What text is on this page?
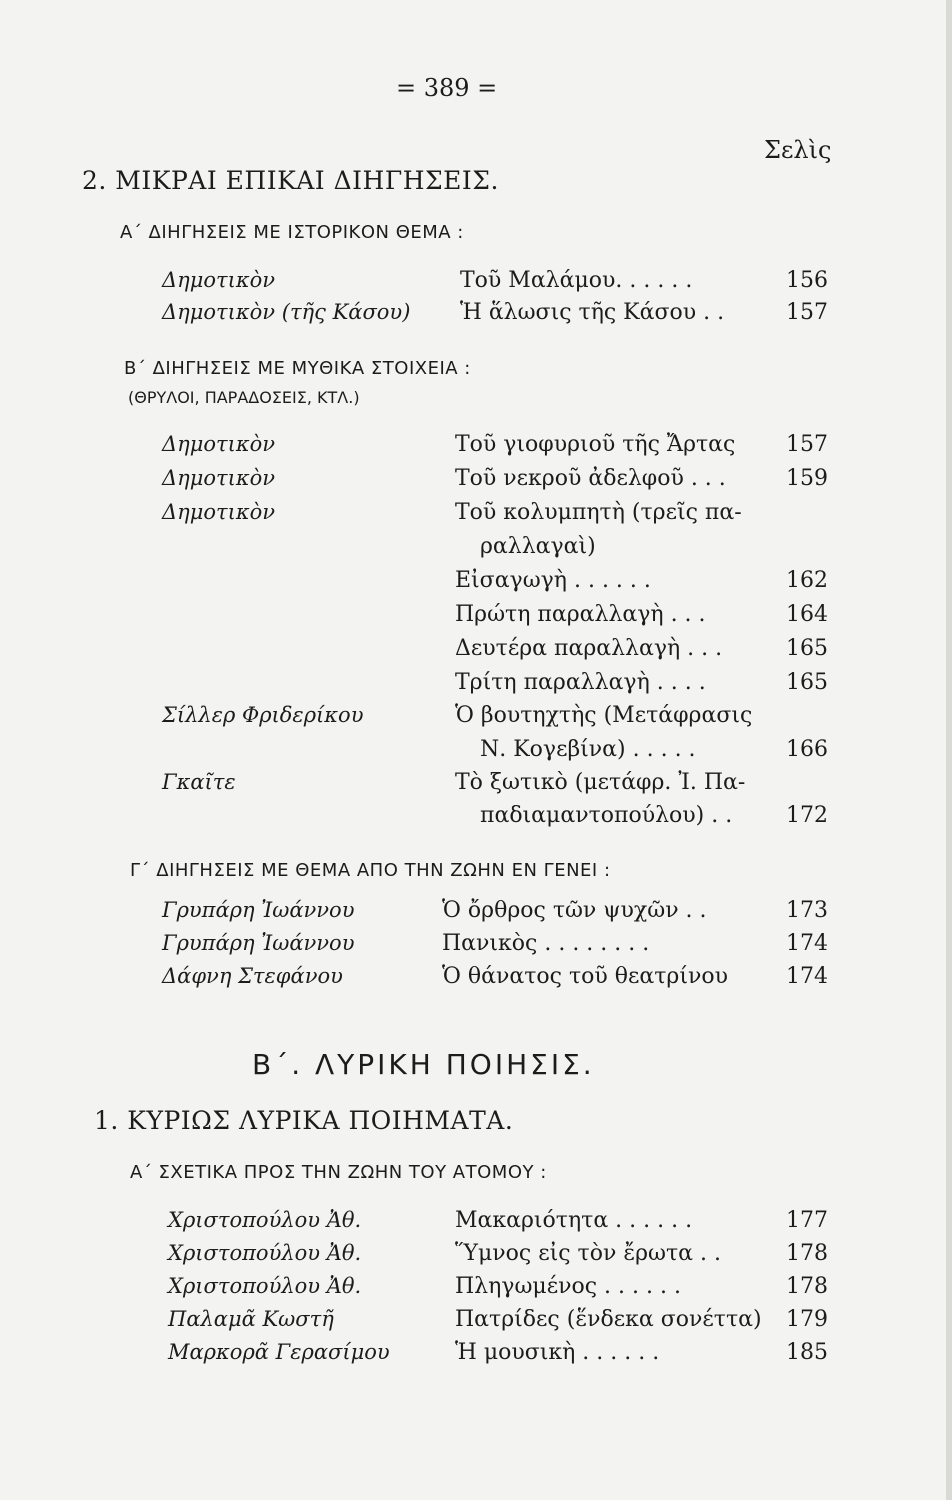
= 389 =
Σελὶς
2. ΜΙΚΡΑΙ ΕΠΙΚΑΙ ΔΙΗΓΗΣΕΙΣ.
Α΄ ΔΙΗΓΗΣΕΙΣ ΜΕ ΙΣΤΟΡΙΚΟΝ ΘΕΜΑ :
Δημοτικὸν	Τοῦ Μαλάμου. . . . . .	156
Δημοτικὸν (τῆς Κάσου) Ἡ ἅλωσις τῆς Κάσου . .	157
Β΄ ΔΙΗΓΗΣΕΙΣ ΜΕ ΜΥΘΙΚΑ ΣΤΟΙΧΕΙΑ :
(ΘΡΥΛΟΙ, ΠΑΡΑΔΟΣΕΙΣ, ΚΤΛ.)
Δημοτικὸν	Τοῦ γιοφυριοῦ τῆς Ἄρτας	157
Δημοτικὸν	Τοῦ νεκροῦ ἀδελφοῦ . . .	159
Δημοτικὸν	Τοῦ κολυμπητὴ (τρεῖς πα-
ραλλαγαὶ)
Εἰσαγωγὴ . . . . . .	162
Πρώτη παραλλαγὴ . . .	164
Δευτέρα παραλλαγὴ . . .	165
Τρίτη παραλλαγὴ . . . .	165
Σίλλερ Φριδερίκου	Ὁ βουτηχτὴς (Μετάφρασις
Ν. Κογεβίνα) . . . . .	166
Γκαῖτε	Τὸ ξωτικὸ (μετάφρ. Ἰ. Πα-
παδιαμαντοπούλου) . .	172
Γ΄ ΔΙΗΓΗΣΕΙΣ ΜΕ ΘΕΜΑ ΑΠΟ ΤΗΝ ΖΩΗΝ ΕΝ ΓΕΝΕΙ :
Γρυπάρη Ἰωάννου	Ὁ ὄρθρος τῶν ψυχῶν . .	173
Γρυπάρη Ἰωάννου	Πανικὸς . . . . . . . .	174
Δάφνη Στεφάνου	Ὁ θάνατος τοῦ θεατρίνου	174
Β΄. ΛΥΡΙΚΗ ΠΟΙΗΣΙΣ.
1. ΚΥΡΙΩΣ ΛΥΡΙΚΑ ΠΟΙΗΜΑΤΑ.
Α΄ ΣΧΕΤΙΚΑ ΠΡΟΣ ΤΗΝ ΖΩΗΝ ΤΟΥ ΑΤΟΜΟΥ :
Χριστοπούλου Ἀθ.	Μακαριότητα . . . . . .	177
Χριστοπούλου Ἀθ.	Ὕμνος εἰς τὸν ἔρωτα . .	178
Χριστοπούλου Ἀθ.	Πληγωμένος . . . . . .	178
Παλαμᾶ Κωστῆ	Πατρίδες (ἕνδεκα σονέττα)	179
Μαρκορᾶ Γερασίμου	Ἡ μουσικὴ . . . . . .	185
